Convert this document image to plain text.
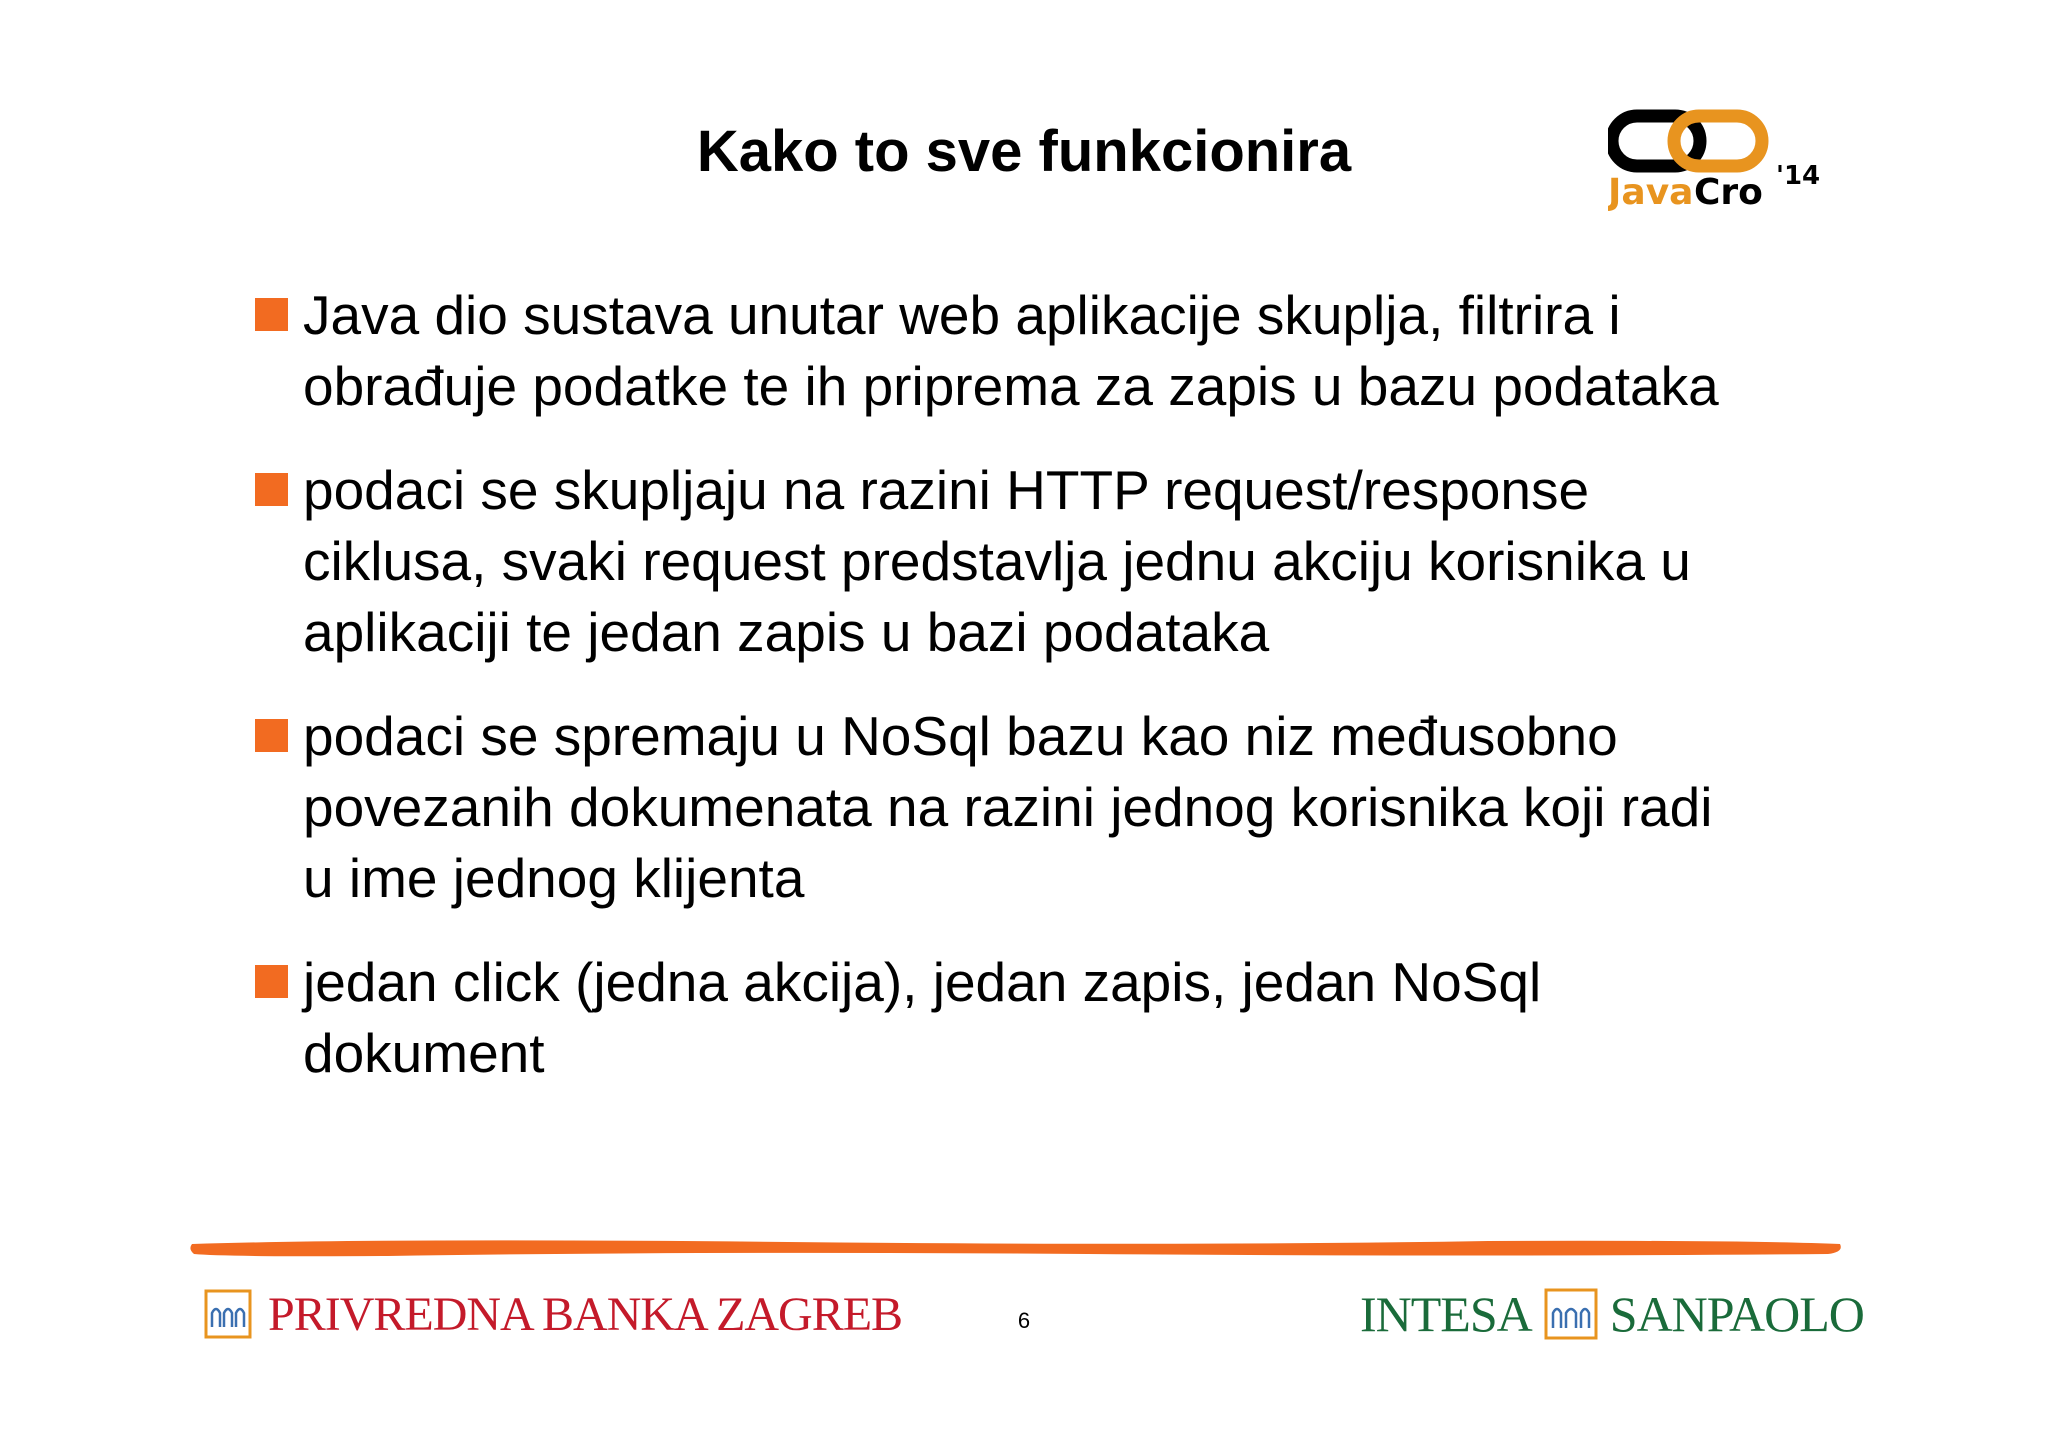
Kako to sve funkcionira
Java Cro '14
Java dio sustava unutar web aplikacije skuplja, filtrira i obrađuje podatke te ih priprema za zapis u bazu podataka
podaci se skupljaju na razini HTTP request/response ciklusa, svaki request predstavlja jednu akciju korisnika u aplikaciji te jedan zapis u bazi podataka
podaci se spremaju u NoSql bazu kao niz međusobno povezanih dokumenata na razini jednog korisnika koji radi u ime jednog klijenta
jedan click (jedna akcija), jedan zapis, jedan NoSql dokument
PRIVREDNA BANKA ZAGREB	6	INTESA SANPAOLO
